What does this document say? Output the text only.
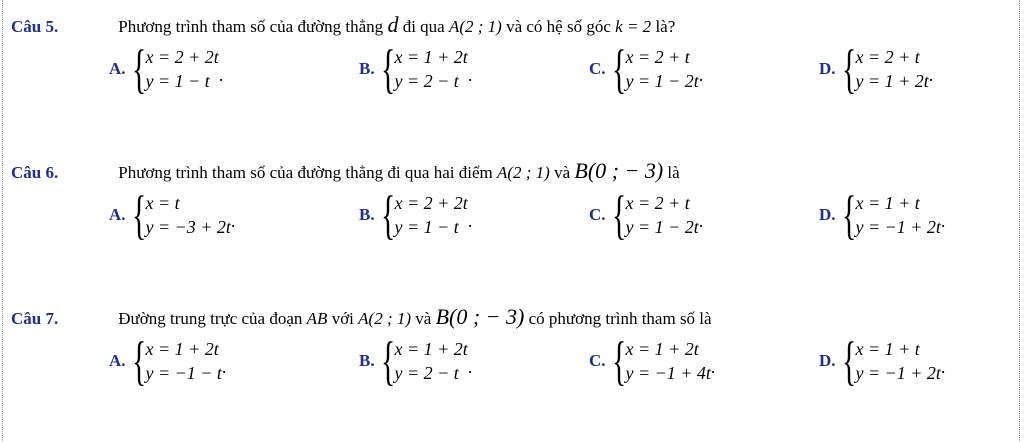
Câu 5.	Phương trình tham số của đường thẳng d đi qua A(2 ; 1) và có hệ số góc k = 2 là?
A. { x = 2 + 2t
y = 1 − t .	B. { x = 1 + 2t
y = 2 − t .	C. { x = 2 + t
y = 1 − 2t .	D. { x = 2 + t
y = 1 + 2t .
Câu 6.	Phương trình tham số của đường thẳng đi qua hai điểm A(2 ; 1) và B(0 ; − 3) là
A. { x = t
y = −3 + 2t .	B. { x = 2 + 2t
y = 1 − t .	C. { x = 2 + t
y = 1 − 2t .	D. { x = 1 + t
y = −1 + 2t .
Câu 7.	Đường trung trực của đoạn AB với A(2 ; 1) và B(0 ; − 3) có phương trình tham số là
A. { x = 1 + 2t
y = −1 − t .	B. { x = 1 + 2t
y = 2 − t .	C. { x = 1 + 2t
y = −1 + 4t .	D. { x = 1 + t
y = −1 + 2t .
